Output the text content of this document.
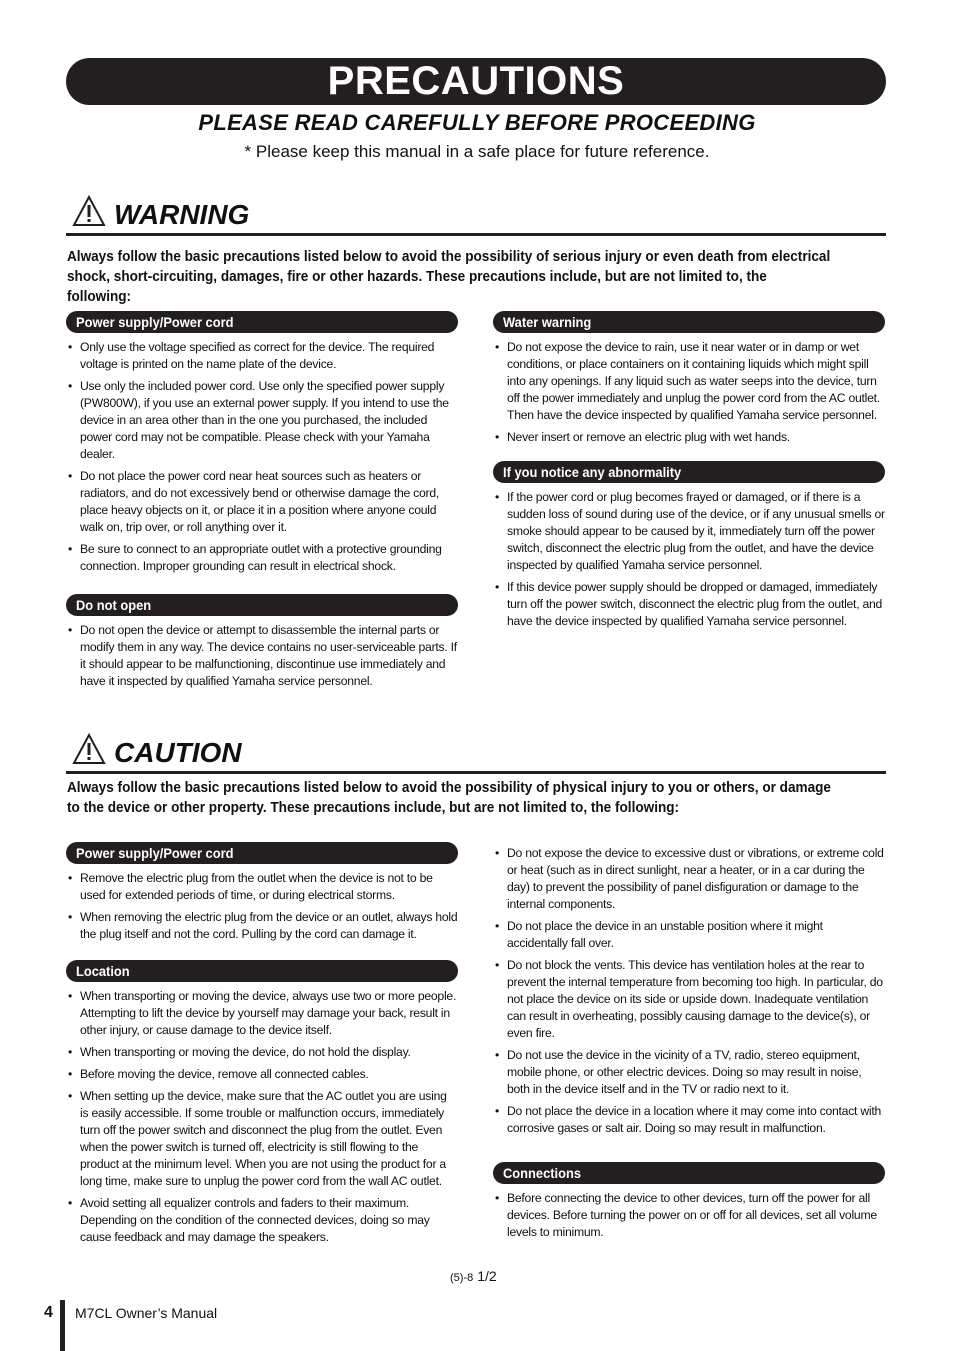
PRECAUTIONS
PLEASE READ CAREFULLY BEFORE PROCEEDING
* Please keep this manual in a safe place for future reference.
WARNING
Always follow the basic precautions listed below to avoid the possibility of serious injury or even death from electrical shock, short-circuiting, damages, fire or other hazards. These precautions include, but are not limited to, the following:
Power supply/Power cord
• Only use the voltage specified as correct for the device. The required voltage is printed on the name plate of the device.
• Use only the included power cord. Use only the specified power supply (PW800W), if you use an external power supply. If you intend to use the device in an area other than in the one you purchased, the included power cord may not be compatible. Please check with your Yamaha dealer.
• Do not place the power cord near heat sources such as heaters or radiators, and do not excessively bend or otherwise damage the cord, place heavy objects on it, or place it in a position where anyone could walk on, trip over, or roll anything over it.
• Be sure to connect to an appropriate outlet with a protective grounding connection. Improper grounding can result in electrical shock.
Do not open
• Do not open the device or attempt to disassemble the internal parts or modify them in any way. The device contains no user-serviceable parts. If it should appear to be malfunctioning, discontinue use immediately and have it inspected by qualified Yamaha service personnel.
Water warning
• Do not expose the device to rain, use it near water or in damp or wet conditions, or place containers on it containing liquids which might spill into any openings. If any liquid such as water seeps into the device, turn off the power immediately and unplug the power cord from the AC outlet. Then have the device inspected by qualified Yamaha service personnel.
• Never insert or remove an electric plug with wet hands.
If you notice any abnormality
• If the power cord or plug becomes frayed or damaged, or if there is a sudden loss of sound during use of the device, or if any unusual smells or smoke should appear to be caused by it, immediately turn off the power switch, disconnect the electric plug from the outlet, and have the device inspected by qualified Yamaha service personnel.
• If this device power supply should be dropped or damaged, immediately turn off the power switch, disconnect the electric plug from the outlet, and have the device inspected by qualified Yamaha service personnel.
CAUTION
Always follow the basic precautions listed below to avoid the possibility of physical injury to you or others, or damage to the device or other property. These precautions include, but are not limited to, the following:
Power supply/Power cord
• Remove the electric plug from the outlet when the device is not to be used for extended periods of time, or during electrical storms.
• When removing the electric plug from the device or an outlet, always hold the plug itself and not the cord. Pulling by the cord can damage it.
Location
• When transporting or moving the device, always use two or more people. Attempting to lift the device by yourself may damage your back, result in other injury, or cause damage to the device itself.
• When transporting or moving the device, do not hold the display.
• Before moving the device, remove all connected cables.
• When setting up the device, make sure that the AC outlet you are using is easily accessible. If some trouble or malfunction occurs, immediately turn off the power switch and disconnect the plug from the outlet. Even when the power switch is turned off, electricity is still flowing to the product at the minimum level. When you are not using the product for a long time, make sure to unplug the power cord from the wall AC outlet.
• Avoid setting all equalizer controls and faders to their maximum. Depending on the condition of the connected devices, doing so may cause feedback and may damage the speakers.
• Do not expose the device to excessive dust or vibrations, or extreme cold or heat (such as in direct sunlight, near a heater, or in a car during the day) to prevent the possibility of panel disfiguration or damage to the internal components.
• Do not place the device in an unstable position where it might accidentally fall over.
• Do not block the vents. This device has ventilation holes at the rear to prevent the internal temperature from becoming too high. In particular, do not place the device on its side or upside down. Inadequate ventilation can result in overheating, possibly causing damage to the device(s), or even fire.
• Do not use the device in the vicinity of a TV, radio, stereo equipment, mobile phone, or other electric devices. Doing so may result in noise, both in the device itself and in the TV or radio next to it.
• Do not place the device in a location where it may come into contact with corrosive gases or salt air. Doing so may result in malfunction.
Connections
• Before connecting the device to other devices, turn off the power for all devices. Before turning the power on or off for all devices, set all volume levels to minimum.
(5)-8 1/2
4 M7CL Owner’s Manual
